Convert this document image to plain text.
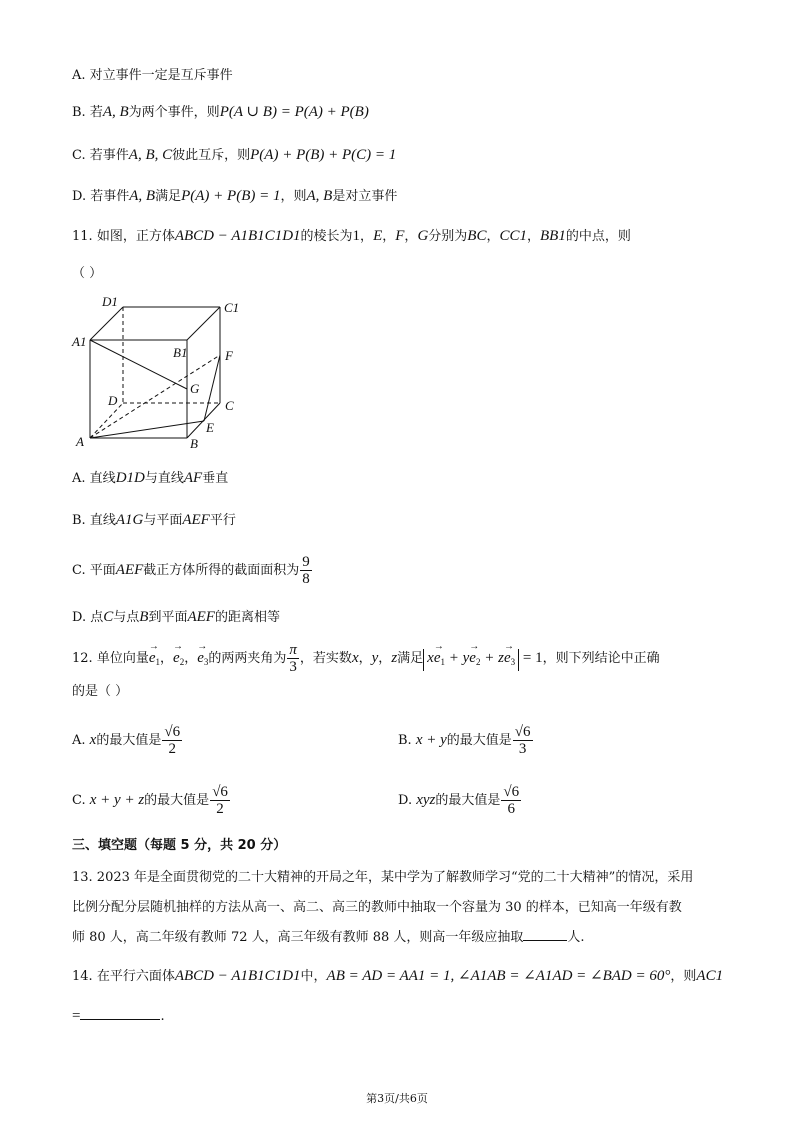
A. 对立事件一定是互斥事件
B. 若A, B为两个事件，则P(A ∪ B) = P(A) + P(B)
C. 若事件A, B, C彼此互斥，则P(A) + P(B) + P(C) = 1
D. 若事件A, B满足P(A) + P(B) = 1，则A, B是对立事件
11. 如图，正方体ABCD − A1B1C1D1的棱长为1，E，F，G分别为BC，CC1，BB1的中点，则
（ ）
D1	C1
A1
B1	F
G
D	C
E
A	B
A. 直线D1D与直线AF垂直
B. 直线A1G与平面AEF平行
C. 平面AEF截正方体所得的截面面积为 $\frac{9}{8}$
D. 点C与点B到平面AEF的距离相等
12. 单位向量→ $e_1$，→ $e_2$，→ $e_3$的两两夹角为 $\frac{\pi}{3}$ ，若实数x，y，z满足 $x\to e_1 + y\to e_2 + z\to e_3 = 1$，则下列结论中正确
的是（ ）
A. x的最大值是 $\frac{√6}{2}$	B. x + y的最大值是 $\frac{√6}{3}$
C. x + y + z的最大值是 $\frac{√6}{2}$	D. xyz的最大值是 $\frac{√6}{6}$
三、填空题（每题 5 分，共 20 分）
13. 2023 年是全面贯彻党的二十大精神的开局之年，某中学为了解教师学习“党的二十大精神”的情况，采用
比例分配分层随机抽样的方法从高一、高二、高三的教师中抽取一个容量为 30 的样本，已知高一年级有教
师 80 人，高二年级有教师 72 人，高三年级有教师 88 人，则高一年级应抽取	人.
14. 在平行六面体ABCD − A1B1C1D1中，AB = AD = AA1 = 1, ∠A1AB = ∠A1AD = ∠BAD = 60°，则AC1
=	.
第3页/共6页
